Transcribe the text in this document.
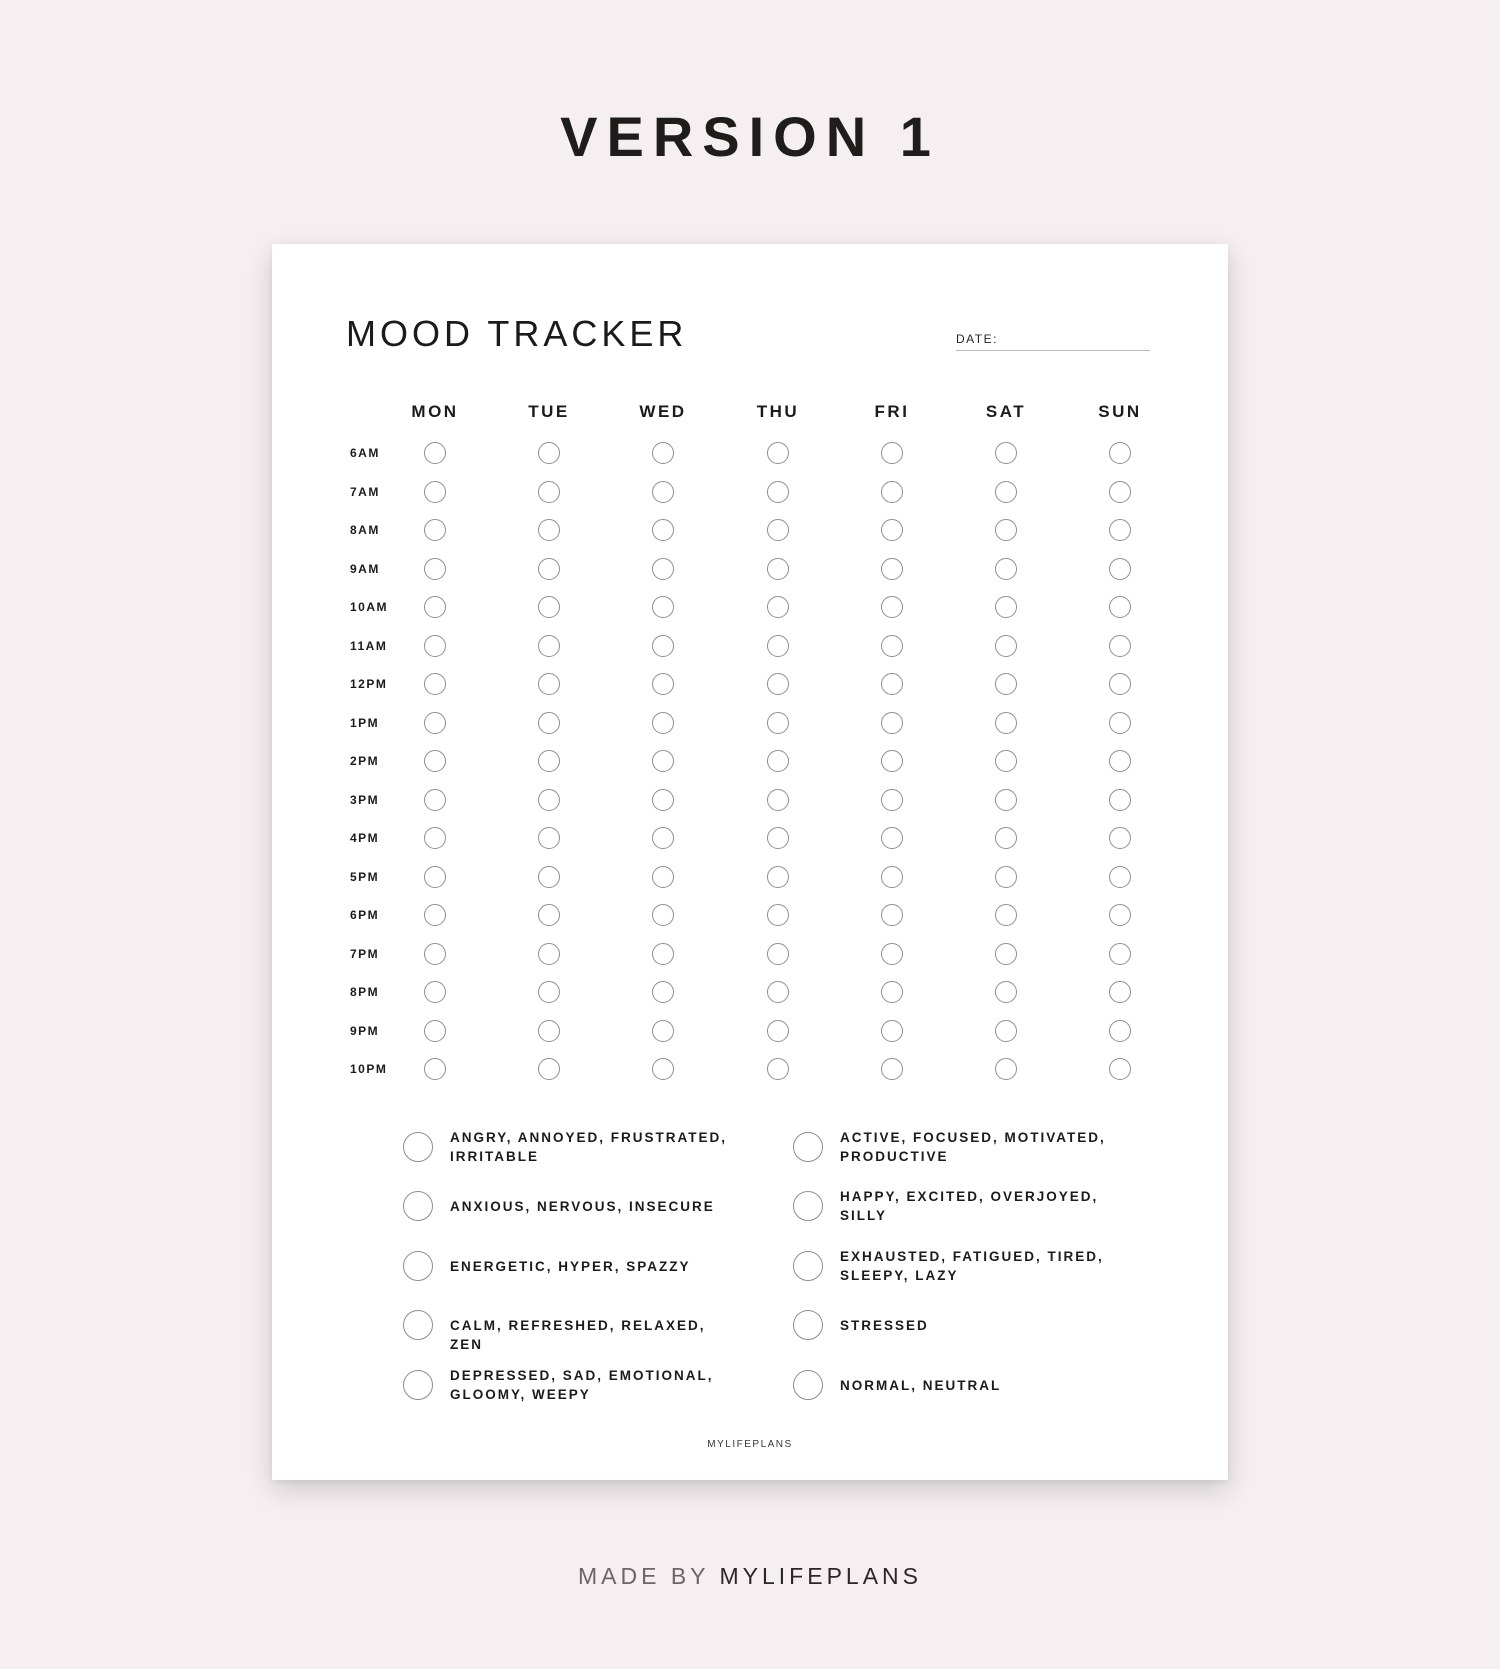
VERSION 1
MOOD TRACKER	DATE:
MON	TUE	WED	THU	FRI	SAT	SUN
6AM
7AM
8AM
9AM
10AM
11AM
12PM
1PM
2PM
3PM
4PM
5PM
6PM
7PM
8PM
9PM
10PM
ANGRY, ANNOYED, FRUSTRATED, IRRITABLE
ANXIOUS, NERVOUS, INSECURE
ENERGETIC, HYPER, SPAZZY
CALM, REFRESHED, RELAXED, ZEN
DEPRESSED, SAD, EMOTIONAL, GLOOMY, WEEPY
ACTIVE, FOCUSED, MOTIVATED, PRODUCTIVE
HAPPY, EXCITED, OVERJOYED, SILLY
EXHAUSTED, FATIGUED, TIRED, SLEEPY, LAZY
STRESSED
NORMAL, NEUTRAL
MYLIFEPLANS
MADE BY MYLIFEPLANS
